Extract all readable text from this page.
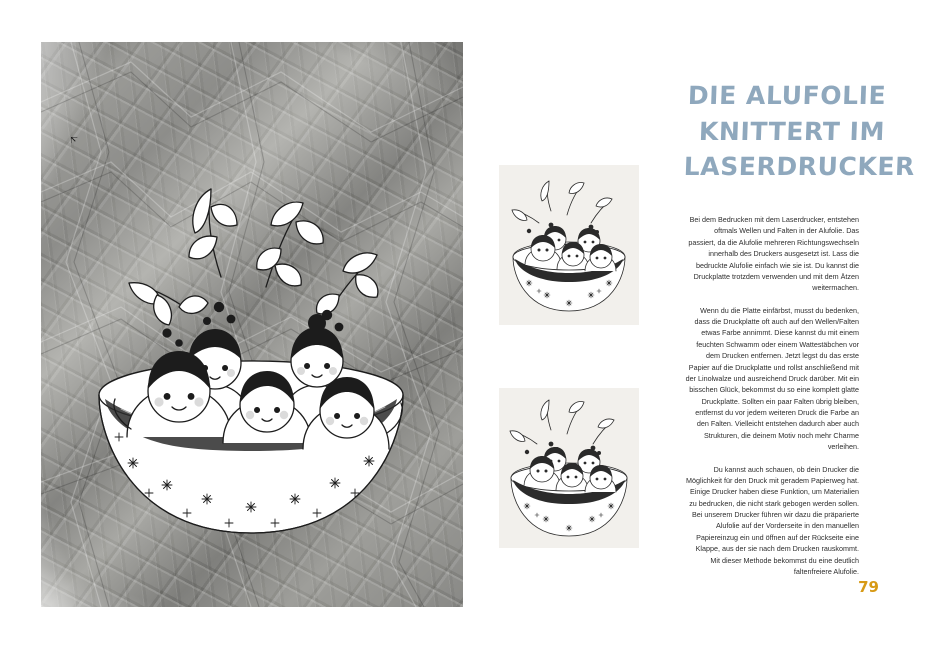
DIE ALUFOLIE
KNITTERT IM
LASERDRUCKER

Bei dem Bedrucken mit dem Laserdrucker, entstehen oftmals Wellen und Falten in der Alufolie. Das passiert, da die Alufolie mehreren Richtungswechseln innerhalb des Druckers ausgesetzt ist. Lass die bedruckte Alufolie einfach wie sie ist. Du kannst die Druckplatte trotzdem verwenden und mit dem Ätzen weitermachen.

Wenn du die Platte einfärbst, musst du bedenken, dass die Druckplatte oft auch auf den Wellen/Falten etwas Farbe annimmt. Diese kannst du mit einem feuchten Schwamm oder einem Wattestäbchen vor dem Drucken entfernen. Jetzt legst du das erste Papier auf die Druckplatte und rollst anschließend mit der Linolwalze und ausreichend Druck darüber. Mit ein bisschen Glück, bekommst du so eine komplett glatte Druckplatte. Sollten ein paar Falten übrig bleiben, entfernst du vor jedem weiteren Druck die Farbe an den Falten. Vielleicht entstehen dadurch aber auch Strukturen, die deinem Motiv noch mehr Charme verleihen.

Du kannst auch schauen, ob dein Drucker die Möglichkeit für den Druck mit geradem Papierweg hat. Einige Drucker haben diese Funktion, um Materialien zu bedrucken, die nicht stark gebogen werden sollen. Bei unserem Drucker führen wir dazu die präparierte Alufolie auf der Vorderseite in den manuellen Papiereinzug ein und öffnen auf der Rückseite eine Klappe, aus der sie nach dem Drucken rauskommt. Mit dieser Methode bekommst du eine deutlich faltenfreiere Alufolie.

79
